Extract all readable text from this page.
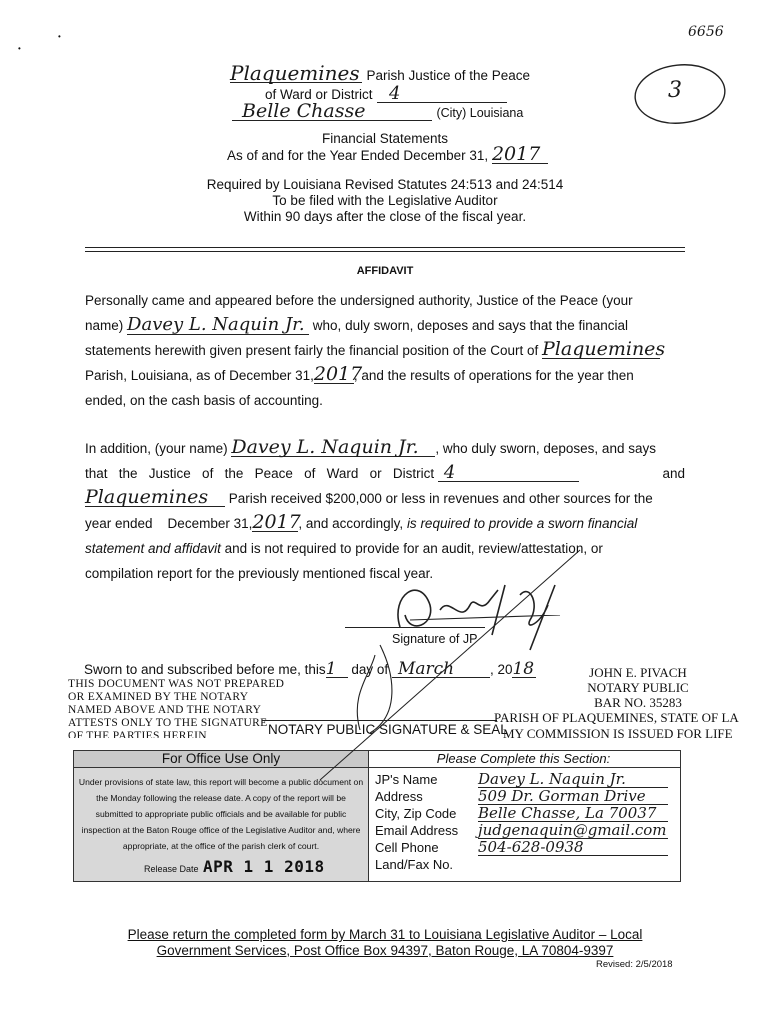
6656
•
•
3
Plaquemines Parish Justice of the Peace
of Ward or District 4
Belle Chasse	(City) Louisiana
Financial Statements
As of and for the Year Ended December 31, 2017
Required by Louisiana Revised Statutes 24:513 and 24:514
To be filed with the Legislative Auditor
Within 90 days after the close of the fiscal year.
AFFIDAVIT
Personally came and appeared before the undersigned authority, Justice of the Peace (your
name) Davey L. Naquin Jr. who, duly sworn, deposes and says that the financial
statements herewith given present fairly the financial position of the Court of Plaquemines
Parish, Louisiana, as of December 31,2017, and the results of operations for the year then
ended, on the cash basis of accounting.
In addition, (your name) Davey L. Naquin Jr. , who duly sworn, deposes, and says
that   the   Justice   of   the   Peace   of   Ward   or   District 4	and
Plaquemines Parish received $200,000 or less in revenues and other sources for the
year ended    December 31,2017, and accordingly, is required to provide a sworn financial
statement and affidavit and is not required to provide for an audit, review/attestation, or
compilation report for the previously mentioned fiscal year.
Signature of JP
Sworn to and subscribed before me, this1 day of March	, 2018
THIS DOCUMENT WAS NOT PREPARED
OR EXAMINED BY THE NOTARY
NAMED ABOVE AND THE NOTARY
ATTESTS ONLY TO THE SIGNATURE
OF THE PARTIES HEREIN	NOTARY PUBLIC SIGNATURE & SEAL
JOHN E. PIVACH
NOTARY PUBLIC
BAR NO. 35283
PARISH OF PLAQUEMINES, STATE OF LA
MY COMMISSION IS ISSUED FOR LIFE
For Office Use Only
Under provisions of state law, this report will become a public document on the Monday following the release date. A copy of the report will be submitted to appropriate public officials and be available for public inspection at the Baton Rouge office of the Legislative Auditor and, where appropriate, at the office of the parish clerk of court.
Release Date APR 1 1 2018
Please Complete this Section:
JP's Name	Davey L. Naquin Jr.
Address	509 Dr. Gorman Drive
City, Zip Code	Belle Chasse, La 70037
Email Address	judgenaquin@gmail.com
Cell Phone	504-628-0938
Land/Fax No.
Please return the completed form by March 31 to Louisiana Legislative Auditor – Local
Government Services, Post Office Box 94397, Baton Rouge, LA 70804-9397
Revised: 2/5/2018
